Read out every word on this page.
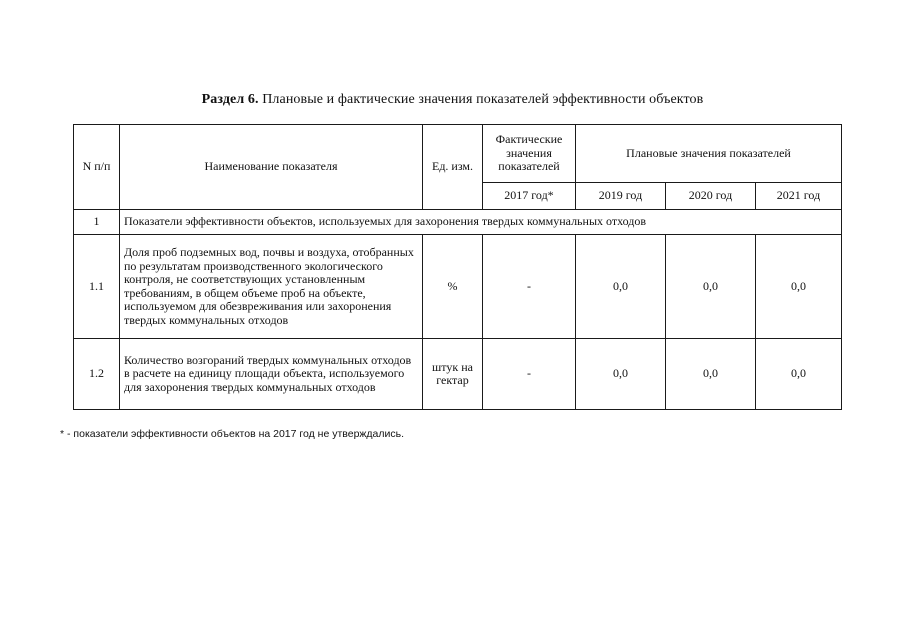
Раздел 6. Плановые и фактические значения показателей эффективности объектов
N п/п	Наименование показателя	Ед. изм.	Фактические значения показателей	Плановые значения показателей		
			2017 год*	2019 год	2020 год	2021 год
1	Показатели эффективности объектов, используемых для захоронения твердых коммунальных отходов					
1.1	Доля проб подземных вод, почвы и воздуха, отобранных по результатам производственного экологического контроля, не соответствующих установленным требованиям, в общем объеме проб на объекте, используемом для обезвреживания или захоронения твердых коммунальных отходов	%	-	0,0	0,0	0,0
1.2	Количество возгораний твердых коммунальных отходов в расчете на единицу площади объекта, используемого для захоронения твердых коммунальных отходов	штук на гектар	-	0,0	0,0	0,0
* - показатели эффективности объектов на 2017 год не утверждались.
